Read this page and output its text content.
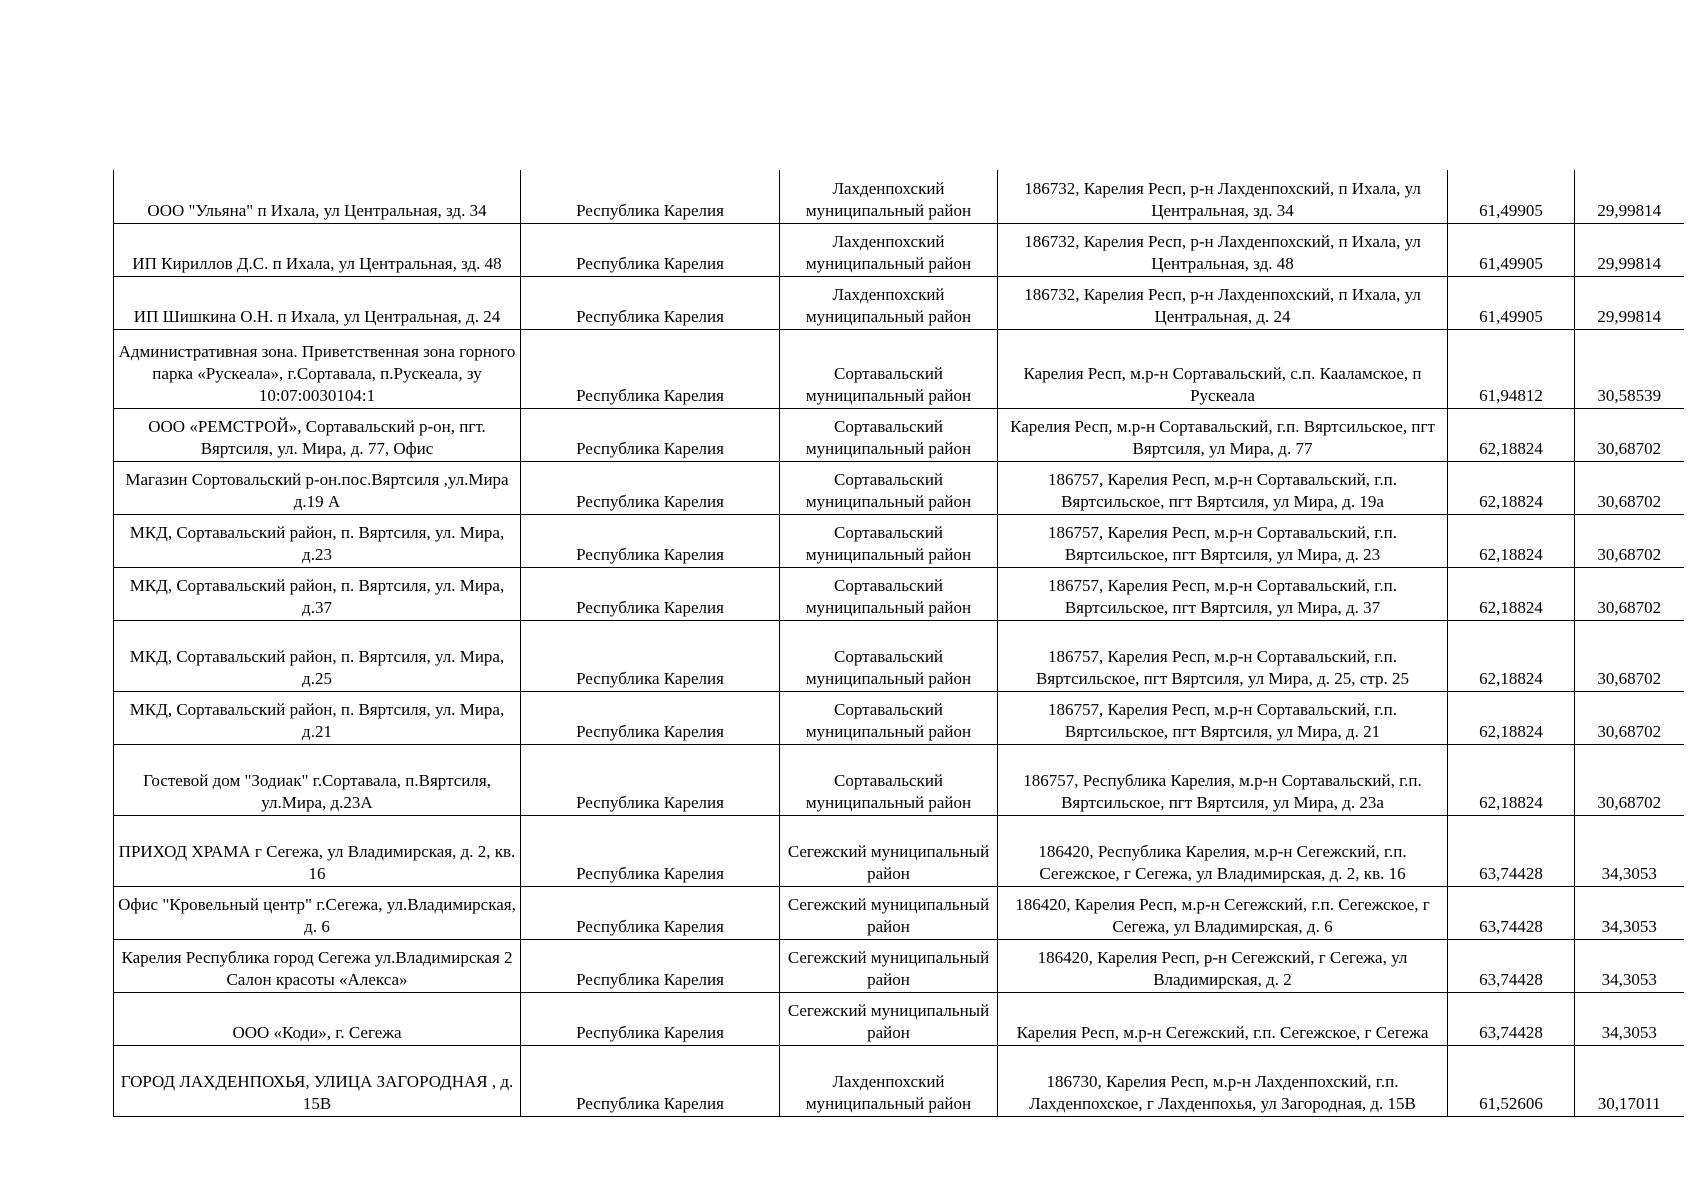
ООО "Ульяна" п Ихала, ул Центральная, зд. 34	Республика Карелия	Лахденпохский муниципальный район	186732, Карелия Респ, р-н Лахденпохский, п Ихала, ул Центральная, зд. 34	61,49905	29,99814
ИП Кириллов Д.С. п Ихала, ул Центральная, зд. 48	Республика Карелия	Лахденпохский муниципальный район	186732, Карелия Респ, р-н Лахденпохский, п Ихала, ул Центральная, зд. 48	61,49905	29,99814
ИП Шишкина О.Н. п Ихала, ул Центральная, д. 24	Республика Карелия	Лахденпохский муниципальный район	186732, Карелия Респ, р-н Лахденпохский, п Ихала, ул Центральная, д. 24	61,49905	29,99814
Административная зона. Приветственная зона горного парка «Рускеала», г.Сортавала, п.Рускеала, зу 10:07:0030104:1	Республика Карелия	Сортавальский муниципальный район	Карелия Респ, м.р-н Сортавальский, с.п. Кааламское, п Рускеала	61,94812	30,58539
ООО «РЕМСТРОЙ», Сортавальский р-он, пгт. Вяртсиля, ул. Мира, д. 77, Офис	Республика Карелия	Сортавальский муниципальный район	Карелия Респ, м.р-н Сортавальский, г.п. Вяртсильское, пгт Вяртсиля, ул Мира, д. 77	62,18824	30,68702
Магазин Сортовальский р-он.пос.Вяртсиля ,ул.Мира д.19 А	Республика Карелия	Сортавальский муниципальный район	186757, Карелия Респ, м.р-н Сортавальский, г.п. Вяртсильское, пгт Вяртсиля, ул Мира, д. 19а	62,18824	30,68702
МКД, Сортавальский район, п. Вяртсиля, ул. Мира, д.23	Республика Карелия	Сортавальский муниципальный район	186757, Карелия Респ, м.р-н Сортавальский, г.п. Вяртсильское, пгт Вяртсиля, ул Мира, д. 23	62,18824	30,68702
МКД, Сортавальский район, п. Вяртсиля, ул. Мира, д.37	Республика Карелия	Сортавальский муниципальный район	186757, Карелия Респ, м.р-н Сортавальский, г.п. Вяртсильское, пгт Вяртсиля, ул Мира, д. 37	62,18824	30,68702
МКД, Сортавальский район, п. Вяртсиля, ул. Мира, д.25	Республика Карелия	Сортавальский муниципальный район	186757, Карелия Респ, м.р-н Сортавальский, г.п. Вяртсильское, пгт Вяртсиля, ул Мира, д. 25, стр. 25	62,18824	30,68702
МКД, Сортавальский район, п. Вяртсиля, ул. Мира, д.21	Республика Карелия	Сортавальский муниципальный район	186757, Карелия Респ, м.р-н Сортавальский, г.п. Вяртсильское, пгт Вяртсиля, ул Мира, д. 21	62,18824	30,68702
Гостевой дом "Зодиак" г.Сортавала, п.Вяртсиля, ул.Мира, д.23А	Республика Карелия	Сортавальский муниципальный район	186757, Республика Карелия, м.р-н Сортавальский, г.п. Вяртсильское, пгт Вяртсиля, ул Мира, д. 23а	62,18824	30,68702
ПРИХОД ХРАМА г Сегежа, ул Владимирская, д. 2, кв. 16	Республика Карелия	Сегежский муниципальный район	186420, Республика Карелия, м.р-н Сегежский, г.п. Сегежское, г Сегежа, ул Владимирская, д. 2, кв. 16	63,74428	34,3053
Офис "Кровельный центр" г.Сегежа, ул.Владимирская, д. 6	Республика Карелия	Сегежский муниципальный район	186420, Карелия Респ, м.р-н Сегежский, г.п. Сегежское, г Сегежа, ул Владимирская, д. 6	63,74428	34,3053
Карелия Республика город Сегежа ул.Владимирская 2 Салон красоты «Алекса»	Республика Карелия	Сегежский муниципальный район	186420, Карелия Респ, р-н Сегежский, г Сегежа, ул Владимирская, д. 2	63,74428	34,3053
ООО «Коди», г. Сегежа	Республика Карелия	Сегежский муниципальный район	Карелия Респ, м.р-н Сегежский, г.п. Сегежское, г Сегежа	63,74428	34,3053
ГОРОД ЛАХДЕНПОХЬЯ, УЛИЦА ЗАГОРОДНАЯ , д. 15В	Республика Карелия	Лахденпохский муниципальный район	186730, Карелия Респ, м.р-н Лахденпохский, г.п. Лахденпохское, г Лахденпохья, ул Загородная, д. 15В	61,52606	30,17011
